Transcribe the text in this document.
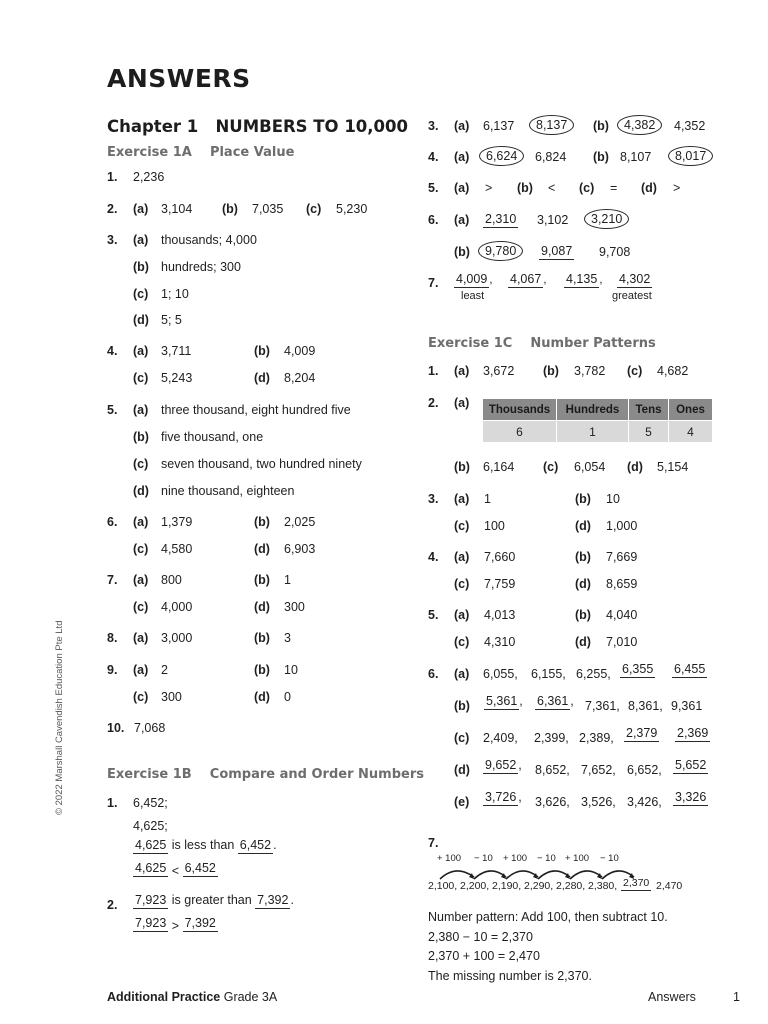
ANSWERS
© 2022 Marshall Cavendish Education Pte Ltd
Chapter 1 NUMBERS TO 10,000
Exercise 1A    Place Value
1. 2,236
2. (a) 3,104 (b) 7,035 (c) 5,230
3. (a) thousands; 4,000
(b) hundreds; 300
(c) 1; 10
(d) 5; 5
4. (a) 3,711	(b) 4,009
(c) 5,243	(d) 8,204
5. (a) three thousand, eight hundred five
(b) five thousand, one
(c) seven thousand, two hundred ninety
(d) nine thousand, eighteen
6. (a) 1,379	(b) 2,025
(c) 4,580	(d) 6,903
7. (a) 800	(b) 1
(c) 4,000	(d) 300
8. (a) 3,000	(b) 3
9. (a) 2	(b) 10
(c) 300	(d) 0
10. 7,068
Exercise 1B    Compare and Order Numbers
1. 6,452;
4,625;
4,625 is less than 6,452 .
4,625 < 6,452
2. 7,923 is greater than 7,392 .
7,923 > 7,392
3. (a) 6,137	8,137	(b)	4,382	4,352
4. (a)	6,624	6,824 (b) 8,107	8,017
5. (a) > (b) < (c) = (d) >
6. (a) 2,310 3,102	3,210
(b)	9,780	9,087 9,708
7. 4,009 , 4,067 , 4,135 , 4,302
least	greatest
Exercise 1C    Number Patterns
1. (a) 3,672 (b) 3,782 (c) 4,682
2. (a) Thousands	Hundreds	Tens	Ones
6	1	5	4
(b) 6,164 (c) 6,054 (d) 5,154
3. (a) 1	(b) 10
(c) 100	(d) 1,000
4. (a) 7,660	(b) 7,669
(c) 7,759	(d) 8,659
5. (a) 4,013	(b) 4,040
(c) 4,310	(d) 7,010
6. (a) 6,055, 6,155, 6,255, 6,355 6,455
(b) 5,361 , 6,361 , 7,361, 8,361, 9,361
(c) 2,409, 2,399, 2,389, 2,379 2,369
(d) 9,652 , 8,652, 7,652, 6,652, 5,652
(e) 3,726 , 3,626, 3,526, 3,426, 3,326
7.
+ 100 − 10 + 100 − 10 + 100 − 10
2,100, 2,200, 2,190, 2,290, 2,280, 2,380, 2,370 2,470
Number pattern: Add 100, then subtract 10.
2,380 − 10 = 2,370
2,370 + 100 = 2,470
The missing number is 2,370.
Additional Practice Grade 3A	Answers	1
